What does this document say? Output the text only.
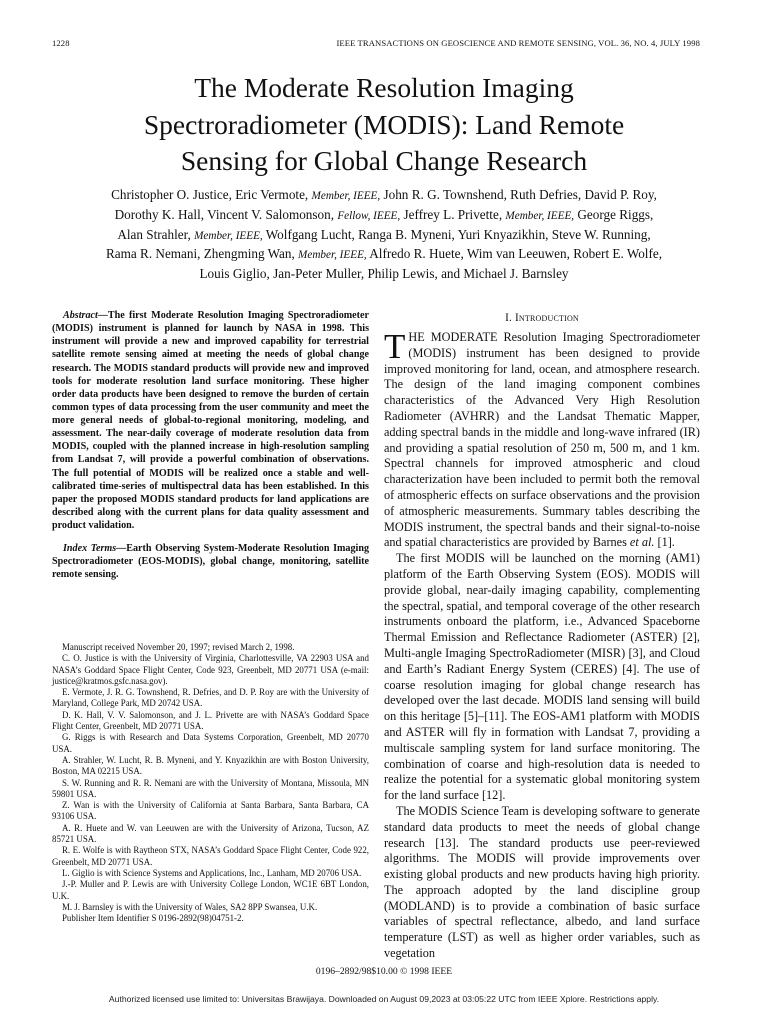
1228	IEEE TRANSACTIONS ON GEOSCIENCE AND REMOTE SENSING, VOL. 36, NO. 4, JULY 1998
The Moderate Resolution Imaging
Spectroradiometer (MODIS): Land Remote
Sensing for Global Change Research
Christopher O. Justice, Eric Vermote, Member, IEEE, John R. G. Townshend, Ruth Defries, David P. Roy,
Dorothy K. Hall, Vincent V. Salomonson, Fellow, IEEE, Jeffrey L. Privette, Member, IEEE, George Riggs,
Alan Strahler, Member, IEEE, Wolfgang Lucht, Ranga B. Myneni, Yuri Knyazikhin, Steve W. Running,
Rama R. Nemani, Zhengming Wan, Member, IEEE, Alfredo R. Huete, Wim van Leeuwen, Robert E. Wolfe,
Louis Giglio, Jan-Peter Muller, Philip Lewis, and Michael J. Barnsley

Abstract—The first Moderate Resolution Imaging Spectroradiometer (MODIS) instrument is planned for launch by NASA in 1998. This instrument will provide a new and improved capability for terrestrial satellite remote sensing aimed at meeting the needs of global change research. The MODIS standard products will provide new and improved tools for moderate resolution land surface monitoring. These higher order data products have been designed to remove the burden of certain common types of data processing from the user community and meet the more general needs of global-to-regional monitoring, modeling, and assessment. The near-daily coverage of moderate resolution data from MODIS, coupled with the planned increase in high-resolution sampling from Landsat 7, will provide a powerful combination of observations. The full potential of MODIS will be realized once a stable and well-calibrated time-series of multispectral data has been established. In this paper the proposed MODIS standard products for land applications are described along with the current plans for data quality assessment and product validation.

Index Terms—Earth Observing System-Moderate Resolution Imaging Spectroradiometer (EOS-MODIS), global change, monitoring, satellite remote sensing.

Manuscript received November 20, 1997; revised March 2, 1998.

C. O. Justice is with the University of Virginia, Charlottesville, VA 22903 USA and NASA’s Goddard Space Flight Center, Code 923, Greenbelt, MD 20771 USA (e-mail: justice@kratmos.gsfc.nasa.gov).

E. Vermote, J. R. G. Townshend, R. Defries, and D. P. Roy are with the University of Maryland, College Park, MD 20742 USA.

D. K. Hall, V. V. Salomonson, and J. L. Privette are with NASA’s Goddard Space Flight Center, Greenbelt, MD 20771 USA.

G. Riggs is with Research and Data Systems Corporation, Greenbelt, MD 20770 USA.

A. Strahler, W. Lucht, R. B. Myneni, and Y. Knyazikhin are with Boston University, Boston, MA 02215 USA.

S. W. Running and R. R. Nemani are with the University of Montana, Missoula, MN 59801 USA.

Z. Wan is with the University of California at Santa Barbara, Santa Barbara, CA 93106 USA.

A. R. Huete and W. van Leeuwen are with the University of Arizona, Tucson, AZ 85721 USA.

R. E. Wolfe is with Raytheon STX, NASA’s Goddard Space Flight Center, Code 922, Greenbelt, MD 20771 USA.

L. Giglio is with Science Systems and Applications, Inc., Lanham, MD 20706 USA.

J.-P. Muller and P. Lewis are with University College London, WC1E 6BT London, U.K.

M. J. Barnsley is with the University of Wales, SA2 8PP Swansea, U.K.

Publisher Item Identifier S 0196-2892(98)04751-2.

I. Introduction

THE MODERATE Resolution Imaging Spectroradiometer (MODIS) instrument has been designed to provide improved monitoring for land, ocean, and atmosphere research. The design of the land imaging component combines characteristics of the Advanced Very High Resolution Radiometer (AVHRR) and the Landsat Thematic Mapper, adding spectral bands in the middle and long-wave infrared (IR) and providing a spatial resolution of 250 m, 500 m, and 1 km. Spectral channels for improved atmospheric and cloud characterization have been included to permit both the removal of atmospheric effects on surface observations and the provision of atmospheric measurements. Summary tables describing the MODIS instrument, the spectral bands and their signal-to-noise and spatial characteristics are provided by Barnes et al. [1].

The first MODIS will be launched on the morning (AM1) platform of the Earth Observing System (EOS). MODIS will provide global, near-daily imaging capability, complementing the spectral, spatial, and temporal coverage of the other research instruments onboard the platform, i.e., Advanced Spaceborne Thermal Emission and Reflectance Radiometer (ASTER) [2], Multi-angle Imaging SpectroRadiometer (MISR) [3], and Cloud and Earth’s Radiant Energy System (CERES) [4]. The use of coarse resolution imaging for global change research has developed over the last decade. MODIS land sensing will build on this heritage [5]–[11]. The EOS-AM1 platform with MODIS and ASTER will fly in formation with Landsat 7, providing a multiscale sampling system for land surface monitoring. The combination of coarse and high-resolution data is needed to realize the potential for a systematic global monitoring system for the land surface [12].

The MODIS Science Team is developing software to generate standard data products to meet the needs of global change research [13]. The standard products use peer-reviewed algorithms. The MODIS will provide improvements over existing global products and new products having high priority. The approach adopted by the land discipline group (MODLAND) is to provide a combination of basic surface variables of spectral reflectance, albedo, and land surface temperature (LST) as well as higher order variables, such as vegetation

0196–2892/98$10.00 © 1998 IEEE
Authorized licensed use limited to: Universitas Brawijaya. Downloaded on August 09,2023 at 03:05:22 UTC from IEEE Xplore. Restrictions apply.
